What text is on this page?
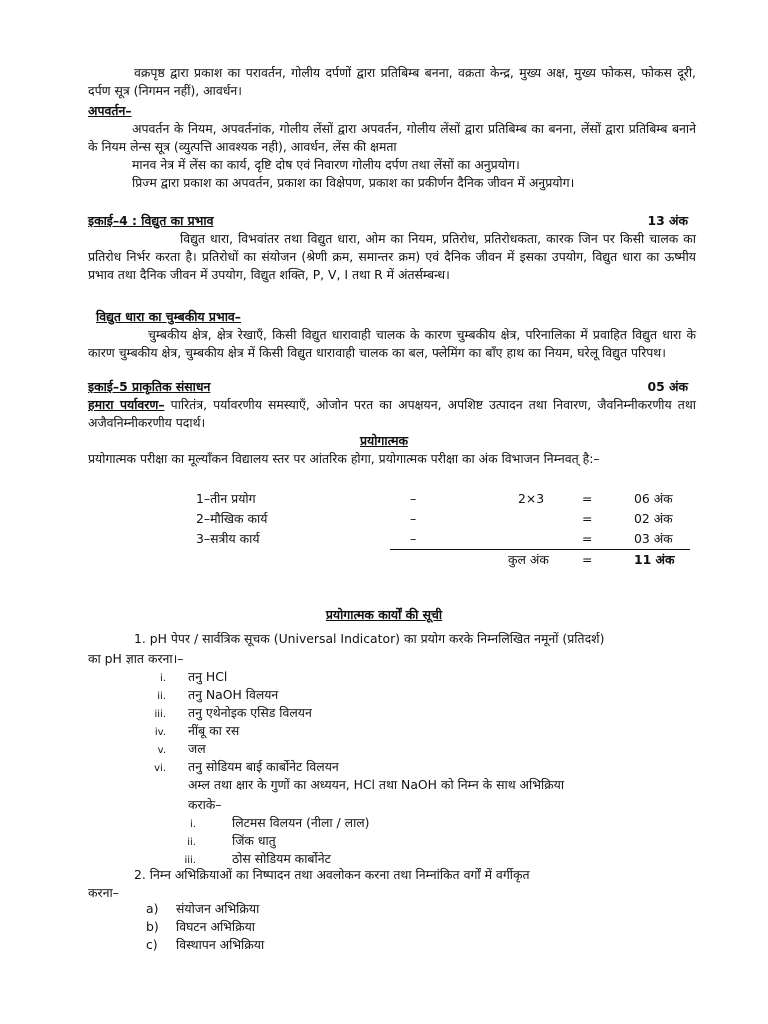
वक्रपृष्ठ द्वारा प्रकाश का परावर्तन, गोलीय दर्पणों द्वारा प्रतिबिम्ब बनना, वक्रता केन्द्र, मुख्य अक्ष, मुख्य फोकस, फोकस दूरी, दर्पण सूत्र (निगमन नहीं), आवर्धन।

अपवर्तन–

अपवर्तन के नियम, अपवर्तनांक, गोलीय लेंसों द्वारा अपवर्तन, गोलीय लेंसों द्वारा प्रतिबिम्ब का बनना, लेंसों द्वारा प्रतिबिम्ब बनाने के नियम लेन्स सूत्र (व्युत्पत्ति आवश्यक नही), आवर्धन, लेंस की क्षमता

मानव नेत्र में लेंस का कार्य, दृष्टि दोष एवं निवारण गोलीय दर्पण तथा लेंसों का अनुप्रयोग।

प्रिज्म द्वारा प्रकाश का अपवर्तन, प्रकाश का विक्षेपण, प्रकाश का प्रकीर्णन दैनिक जीवन में अनुप्रयोग।

इकाई–4 : विद्युत का प्रभाव	13 अंक

विद्युत धारा, विभवांतर तथा विद्युत धारा, ओम का नियम, प्रतिरोध, प्रतिरोधकता, कारक जिन पर किसी चालक का प्रतिरोध निर्भर करता है। प्रतिरोधों का संयोजन (श्रेणी क्रम, समान्तर क्रम) एवं दैनिक जीवन में इसका उपयोग, विद्युत धारा का ऊष्मीय प्रभाव तथा दैनिक जीवन में उपयोग, विद्युत शक्ति, P, V, I तथा R में अंतर्सम्बन्ध।

विद्युत धारा का चुम्बकीय प्रभाव–

चुम्बकीय क्षेत्र, क्षेत्र रेखाएँ, किसी विद्युत धारावाही चालक के कारण चुम्बकीय क्षेत्र, परिनालिका में प्रवाहित विद्युत धारा के कारण चुम्बकीय क्षेत्र, चुम्बकीय क्षेत्र में किसी विद्युत धारावाही चालक का बल, फ्लेमिंग का बाँए हाथ का नियम, घरेलू विद्युत परिपथ।

इकाई–5 प्राकृतिक संसाधन	05 अंक

हमारा पर्यावरण– पारितंत्र, पर्यावरणीय समस्याएँ, ओजोन परत का अपक्षयन, अपशिष्ट उत्पादन तथा निवारण, जैवनिम्नीकरणीय तथा अजैवनिम्नीकरणीय पदार्थ।

प्रयोगात्मक

प्रयोगात्मक परीक्षा का मूल्यॉंकन विद्यालय स्तर पर आंतरिक होगा, प्रयोगात्मक परीक्षा का अंक विभाजन निम्नवत् है:–

1–तीन प्रयोग	–	2×3	=	06 अंक
2–मौखिक कार्य	–	=	02 अंक
3–सत्रीय कार्य	–	=	03 अंक
कुल अंक	=	11 अंक

प्रयोगात्मक कार्यों की सूची

1. pH पेपर / सार्वत्रिक सूचक (Universal Indicator) का प्रयोग करके निम्नलिखित नमूनों (प्रतिदर्श)

का pH ज्ञात करना।–

i. तनु HCl
ii. तनु NaOH विलयन
iii. तनु एथेनोइक एसिड विलयन
iv. नींबू का रस
v. जल
vi. तनु सोडियम बाई कार्बोनेट विलयन

अम्ल तथा क्षार के गुणों का अध्ययन, HCl तथा NaOH को निम्न के साथ अभिक्रिया

कराके–

i.	लिटमस विलयन (नीला / लाल)
ii.	जिंक धातु
iii.	ठोस सोडियम कार्बोनेट

2. निम्न अभिक्रियाओं का निष्पादन तथा अवलोकन करना तथा निम्नांकित वर्गों में वर्गीकृत

करना–

a) संयोजन अभिक्रिया
b) विघटन अभिक्रिया
c) विस्थापन अभिक्रिया
